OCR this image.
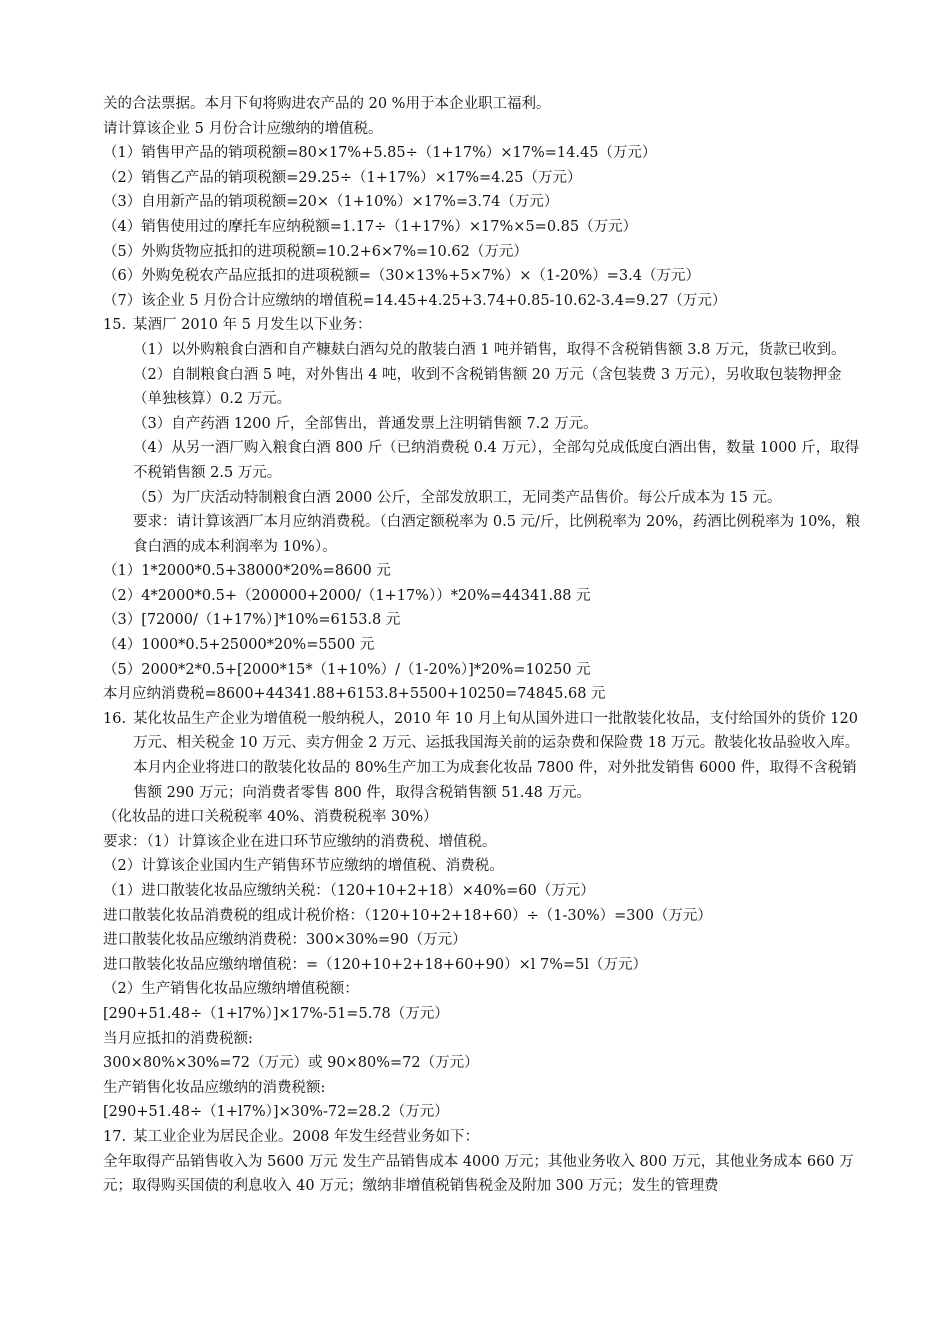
关的合法票据。本月下旬将购进农产品的 20 %用于本企业职工福利。
请计算该企业 5 月份合计应缴纳的增值税。
（1）销售甲产品的销项税额=80×17%+5.85÷（1+17%）×17%=14.45（万元）
（2）销售乙产品的销项税额=29.25÷（1+17%）×17%=4.25（万元）
（3）自用新产品的销项税额=20×（1+10%）×17%=3.74（万元）
（4）销售使用过的摩托车应纳税额=1.17÷（1+17%）×17%×5=0.85（万元）
（5）外购货物应抵扣的进项税额=10.2+6×7%=10.62（万元）
（6）外购免税农产品应抵扣的进项税额=（30×13%+5×7%）×（1-20%）=3.4（万元）
（7）该企业 5 月份合计应缴纳的增值税=14.45+4.25+3.74+0.85-10.62-3.4=9.27（万元）
15. 某酒厂 2010 年 5 月发生以下业务：
（1）以外购粮食白酒和自产糠麸白酒勾兑的散装白酒 1 吨并销售，取得不含税销售额 3.8 万元，货款已收到。
（2）自制粮食白酒 5 吨，对外售出 4 吨，收到不含税销售额 20 万元（含包装费 3 万元），另收取包装物押金（单独核算）0.2 万元。
（3）自产药酒 1200 斤，全部售出，普通发票上注明销售额 7.2 万元。
（4）从另一酒厂购入粮食白酒 800 斤（已纳消费税 0.4 万元），全部勾兑成低度白酒出售，数量 1000 斤，取得不税销售额 2.5 万元。
（5）为厂庆活动特制粮食白酒 2000 公斤，全部发放职工，无同类产品售价。每公斤成本为 15 元。
要求：请计算该酒厂本月应纳消费税。（白酒定额税率为 0.5 元/斤，比例税率为 20%，药酒比例税率为 10%，粮食白酒的成本利润率为 10%）。
（1）1*2000*0.5+38000*20%=8600 元
（2）4*2000*0.5+（200000+2000/（1+17%））*20%=44341.88 元
（3）[72000/（1+17%）]*10%=6153.8 元
（4）1000*0.5+25000*20%=5500 元
（5）2000*2*0.5+[2000*15*（1+10%）/（1-20%）]*20%=10250 元
本月应纳消费税=8600+44341.88+6153.8+5500+10250=74845.68 元
16. 某化妆品生产企业为增值税一般纳税人，2010 年 10 月上旬从国外进口一批散装化妆品，支付给国外的货价 120 万元、相关税金 10 万元、卖方佣金 2 万元、运抵我国海关前的运杂费和保险费 18 万元。散装化妆品验收入库。本月内企业将进口的散装化妆品的 80%生产加工为成套化妆品 7800 件，对外批发销售 6000 件，取得不含税销售额 290 万元；向消费者零售 800 件，取得含税销售额 51.48 万元。
（化妆品的进口关税税率 40%、消费税税率 30%）
要求：（1）计算该企业在进口环节应缴纳的消费税、增值税。
（2）计算该企业国内生产销售环节应缴纳的增值税、消费税。
（1）进口散装化妆品应缴纳关税：（120+10+2+18）×40%=60（万元）
进口散装化妆品消费税的组成计税价格：（120+10+2+18+60）÷（1-30%）=300（万元）
进口散装化妆品应缴纳消费税：300×30%=90（万元）
进口散装化妆品应缴纳增值税：=（120+10+2+18+60+90）×l 7%=5l（万元）
（2）生产销售化妆品应缴纳增值税额：
[290+51.48÷（1+l7%）]×17%-51=5.78（万元）
当月应抵扣的消费税额:
300×80%×30%=72（万元）或 90×80%=72（万元）
生产销售化妆品应缴纳的消费税额:
[290+51.48÷（1+l7%）]×30%-72=28.2（万元）
17. 某工业企业为居民企业。2008 年发生经营业务如下：
全年取得产品销售收入为 5600 万元 发生产品销售成本 4000 万元；其他业务收入 800 万元，其他业务成本 660 万元；取得购买国债的利息收入 40 万元；缴纳非增值税销售税金及附加 300 万元；发生的管理费
